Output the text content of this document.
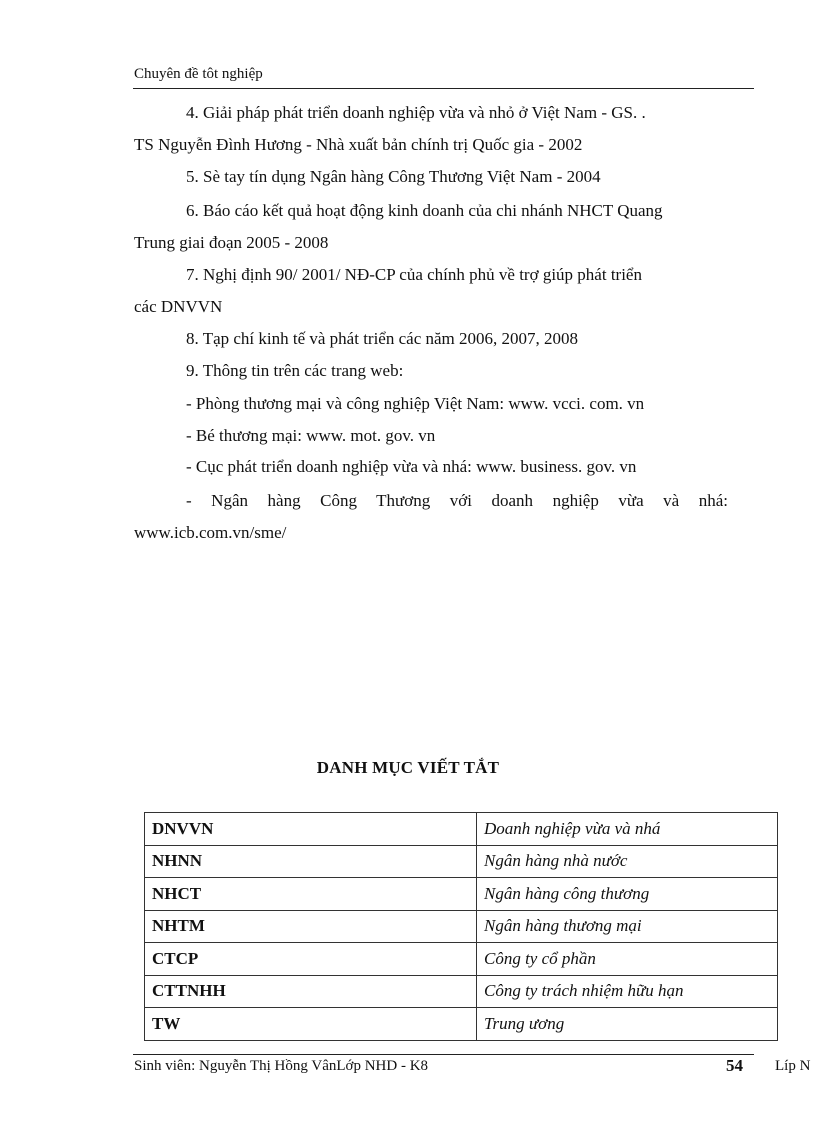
Chuyên đề tôt nghiệp
4. Giải pháp phát triển doanh nghiệp vừa và nhỏ ở Việt Nam - GS. .
TS Nguyễn Đình Hương - Nhà xuất bản chính trị Quốc gia - 2002
5. Sè tay tín dụng Ngân hàng Công Thương Việt Nam - 2004
6. Báo cáo kết quả hoạt động kinh doanh của chi nhánh NHCT Quang
Trung giai đoạn 2005 - 2008
7. Nghị định 90/ 2001/ NĐ-CP của chính phủ về trợ giúp phát triển
các DNVVN
8. Tạp chí kinh tế và phát triển các năm 2006, 2007, 2008
9. Thông tin trên các trang web:
- Phòng thương mại và công nghiệp Việt Nam: www. vcci. com. vn
- Bé thương mại: www. mot. gov. vn
- Cục phát triển doanh nghiệp vừa và nhá: www. business. gov. vn
- Ngân hàng Công Thương với doanh nghiệp vừa và nhá:
www.icb.com.vn/sme/
DANH MỤC VIẾT TẮT
DNVVN	Doanh nghiệp vừa và nhá
NHNN	Ngân hàng nhà nước
NHCT	Ngân hàng công thương
NHTM	Ngân hàng thương mại
CTCP	Công ty cổ phần
CTTNHH	Công ty trách nhiệm hữu hạn
TW	Trung ương
Sinh viên: Nguyễn Thị Hồng VânLớp NHD - K8	54 Líp N
